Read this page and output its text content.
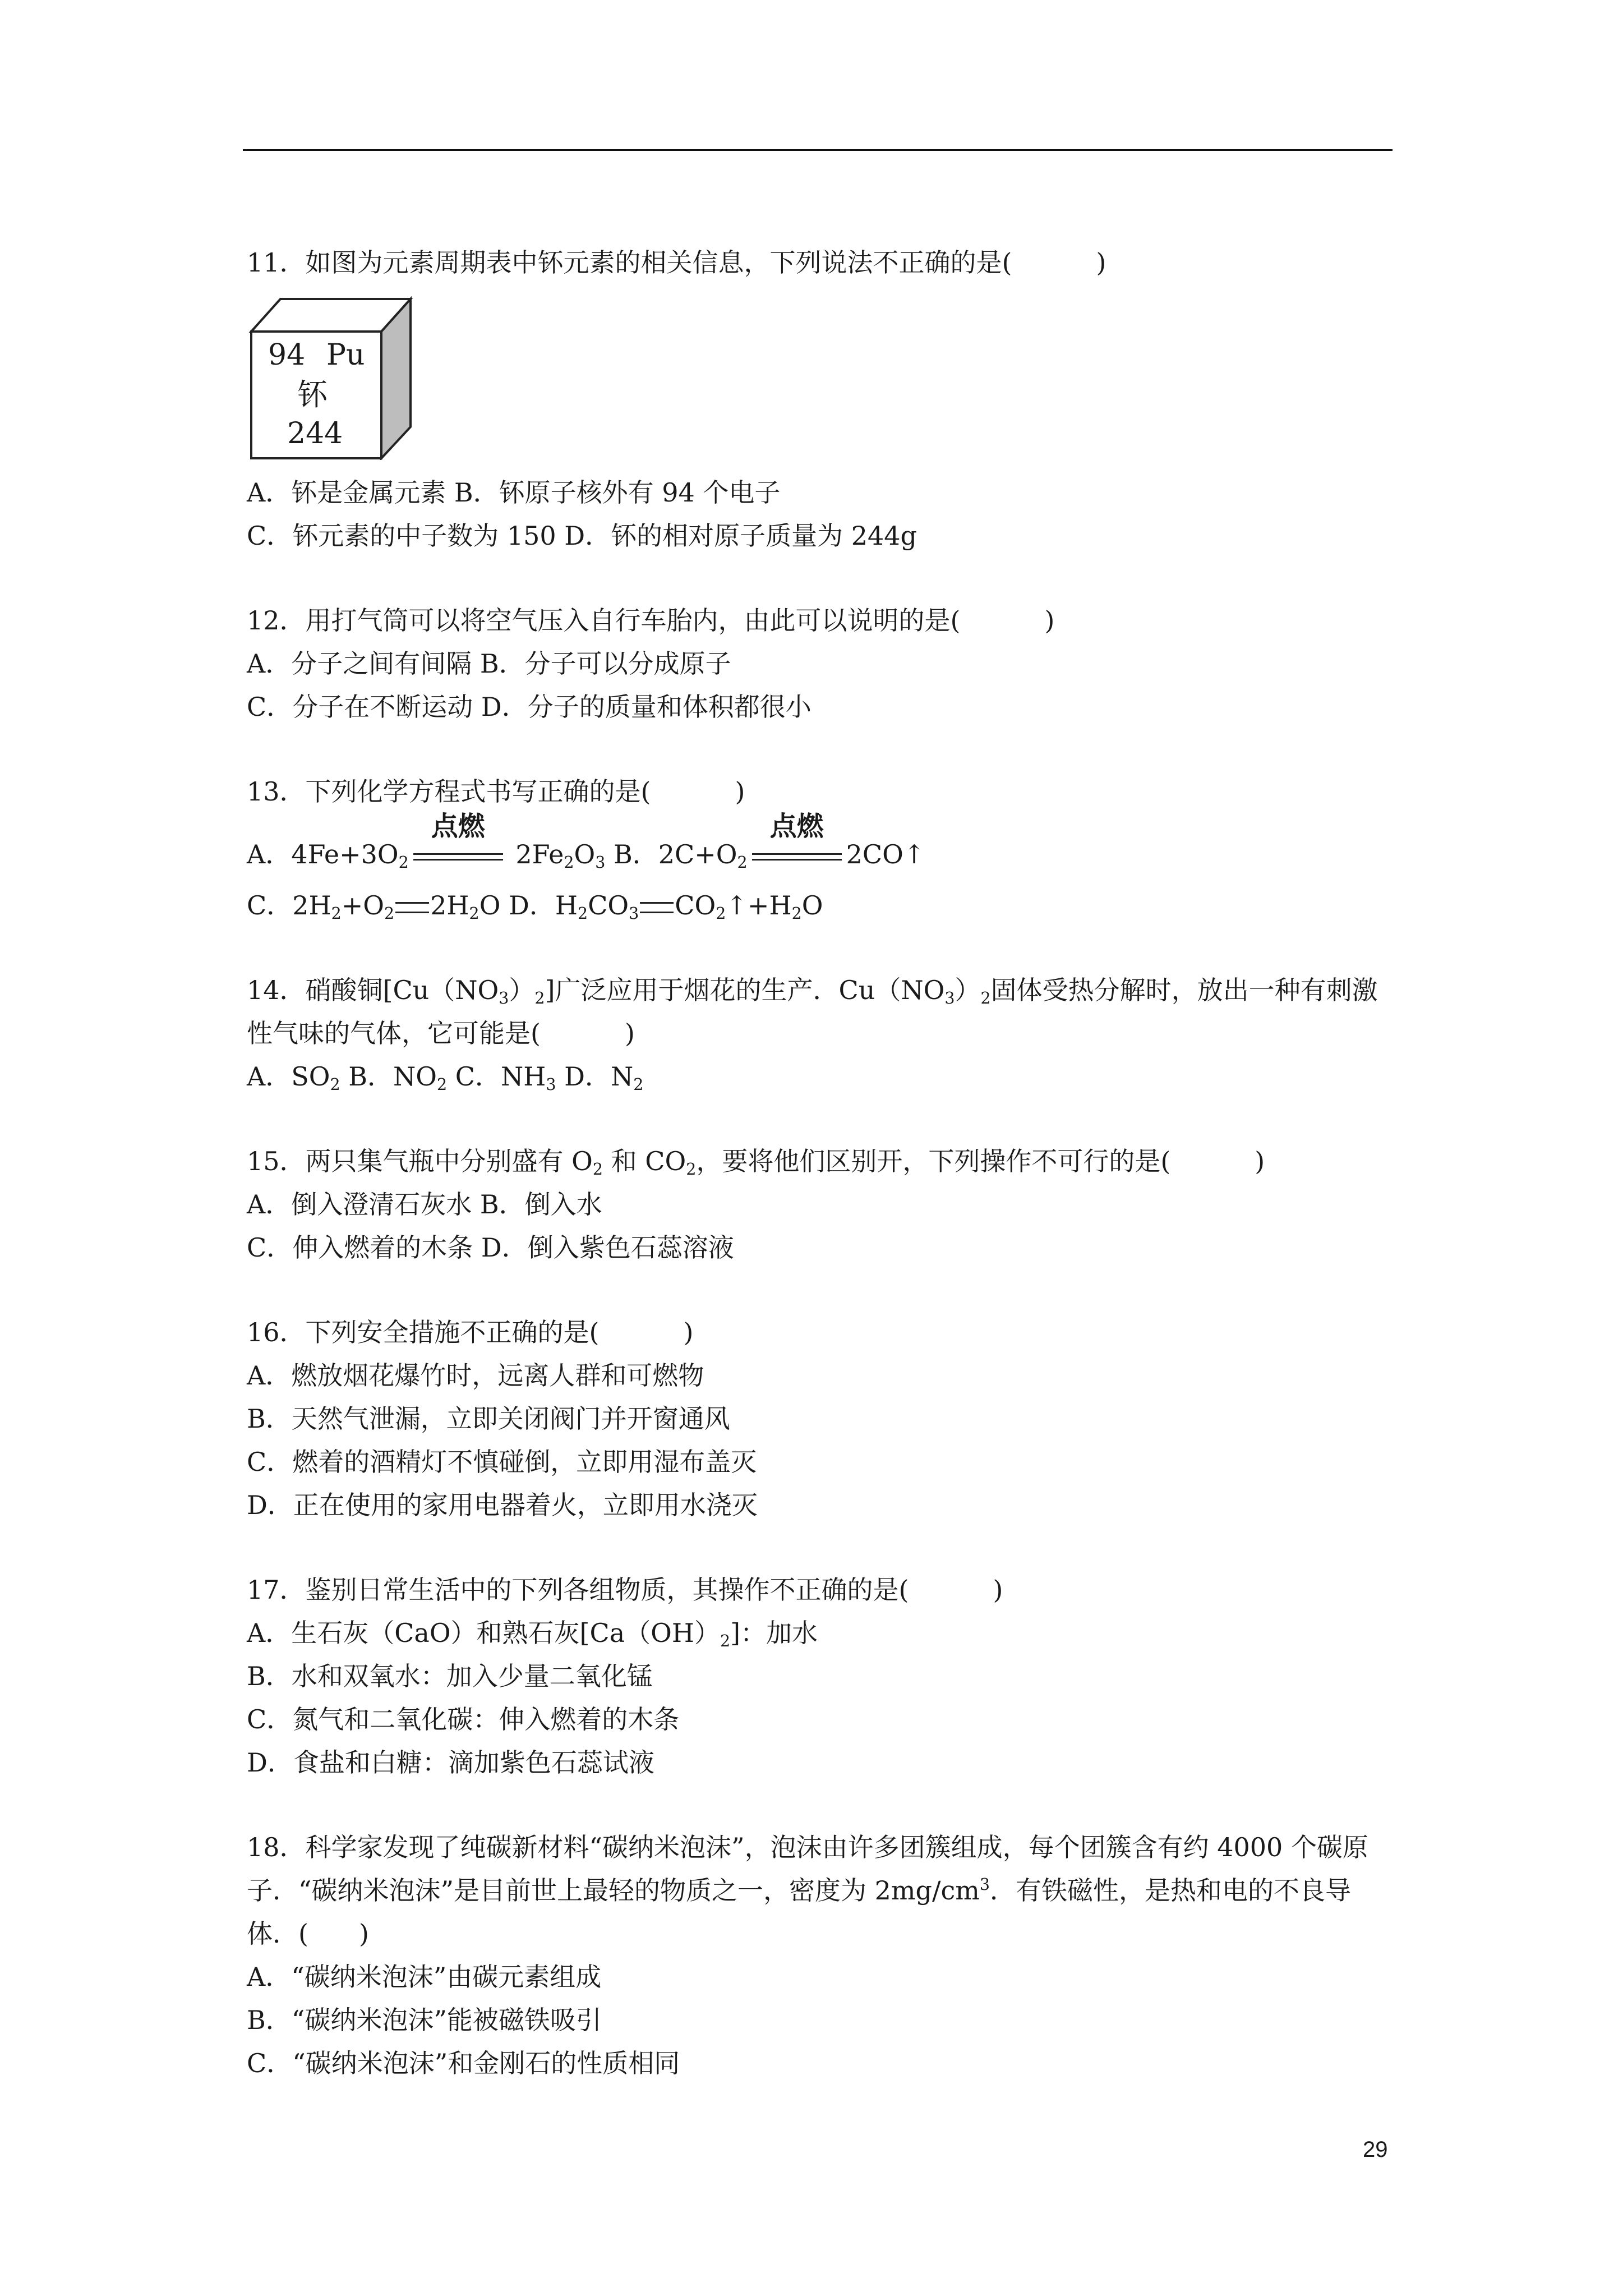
11．如图为元素周期表中钚元素的相关信息，下列说法不正确的是(	)
94 Pu
钚
244
A．钚是金属元素 B．钚原子核外有 94 个电子
C．钚元素的中子数为 150 D．钚的相对原子质量为 244g
12．用打气筒可以将空气压入自行车胎内，由此可以说明的是(	)
A．分子之间有间隔 B．分子可以分成原子
C．分子在不断运动 D．分子的质量和体积都很小
13．下列化学方程式书写正确的是(	)
A．$4Fe+3O_2$
点燃
$2Fe_2O_3$ B．$2C+O_2$
点燃
2CO↑
C．$2H_2+O_2$ $2H_2O$ D．$H_2CO_3$ $CO_2↑+H_2O$
14．硝酸铜$[Cu(NO_3)_2]$广泛应用于烟花的生产．$Cu(NO_3)_2$固体受热分解时，放出一种有刺激性气味的气体，它可能是(	)
A．$SO_2$ B．$NO_2$ C．$NH_3$ D．$N_2$
15．两只集气瓶中分别盛有 $O_2$ 和 $CO_2$，要将他们区别开，下列操作不可行的是(	)
A．倒入澄清石灰水 B．倒入水
C．伸入燃着的木条 D．倒入紫色石蕊溶液
16．下列安全措施不正确的是(	)
A．燃放烟花爆竹时，远离人群和可燃物
B．天然气泄漏，立即关闭阀门并开窗通风
C．燃着的酒精灯不慎碰倒，立即用湿布盖灭
D．正在使用的家用电器着火，立即用水浇灭
17．鉴别日常生活中的下列各组物质，其操作不正确的是(	)
A．生石灰（CaO）和熟石灰$[Ca(OH)_2]$：加水
B．水和双氧水：加入少量二氧化锰
C．氮气和二氧化碳：伸入燃着的木条
D．食盐和白糖：滴加紫色石蕊试液
18．科学家发现了纯碳新材料“碳纳米泡沫”，泡沫由许多团簇组成，每个团簇含有约 4000 个碳原子．“碳纳米泡沫”是目前世上最轻的物质之一，密度为 $2mg/cm^3$．有铁磁性，是热和电的不良导体．( )
A．“碳纳米泡沫”由碳元素组成
B．“碳纳米泡沫”能被磁铁吸引
C．“碳纳米泡沫”和金刚石的性质相同
29
